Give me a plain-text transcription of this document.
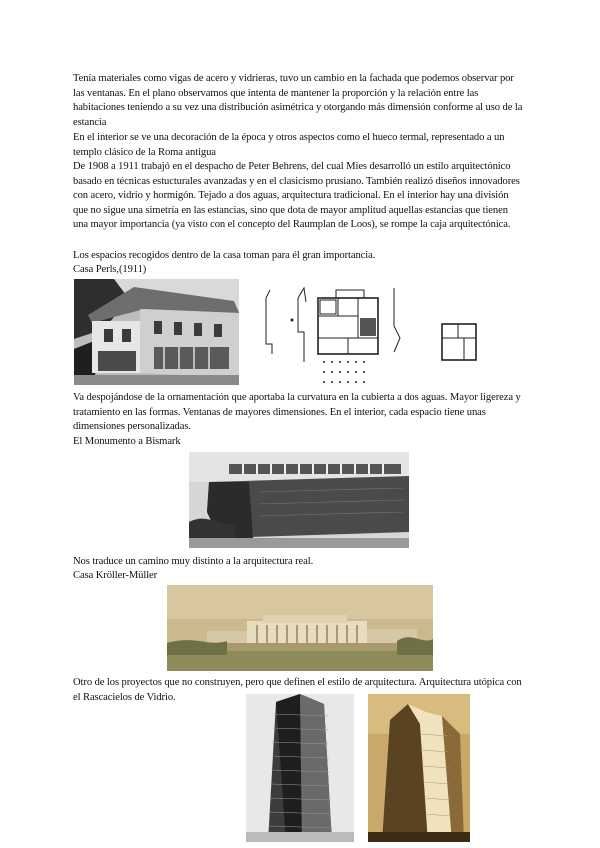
Tenía materiales como vigas de acero y vidrieras, tuvo un cambio en la fachada que podemos observar por las ventanas. En el plano observamos que intenta de mantener la proporción y la relación entre las habitaciones teniendo a su vez una distribución asimétrica y otorgando más dimensión conforme al uso de la estancia
En el interior se ve una decoración de la época y otros aspectos como el hueco termal, representado a un templo clásico de la Roma antigua
De 1908 a 1911 trabajó en el despacho de Peter Behrens, del cual Mies desarrolló un estilo arquitectónico basado en técnicas estucturales avanzadas y en el clasicismo prusiano. También realizó diseños innovadores con acero, vidrio y hormigón. Tejado a dos aguas, arquitectura tradicional. En el interior hay una división que no sigue una simetría en las estancias, sino que dota de mayor amplitud aquellas estancias que tienen una mayor importancia (ya visto con el concepto del Raumplan de Loos), se rompe la caja arquitectónica.
Los espacios recogidos dentro de la casa toman para él gran importancia.
Casa Perls,(1911)
Va despojándose de la ornamentación que aportaba la curvatura en la cubierta a dos aguas. Mayor ligereza y tratamiento en las formas. Ventanas de mayores dimensiones. En el interior, cada espacio tiene unas dimensiones personalizadas.
El Monumento a Bismark
Nos traduce un camino muy distinto a la arquitectura real.
Casa Kröller-Müller
Otro de los proyectos que no construyen, pero que definen el estilo de arquitectura. Arquitectura utópica con el Rascacielos de Vidrio.
